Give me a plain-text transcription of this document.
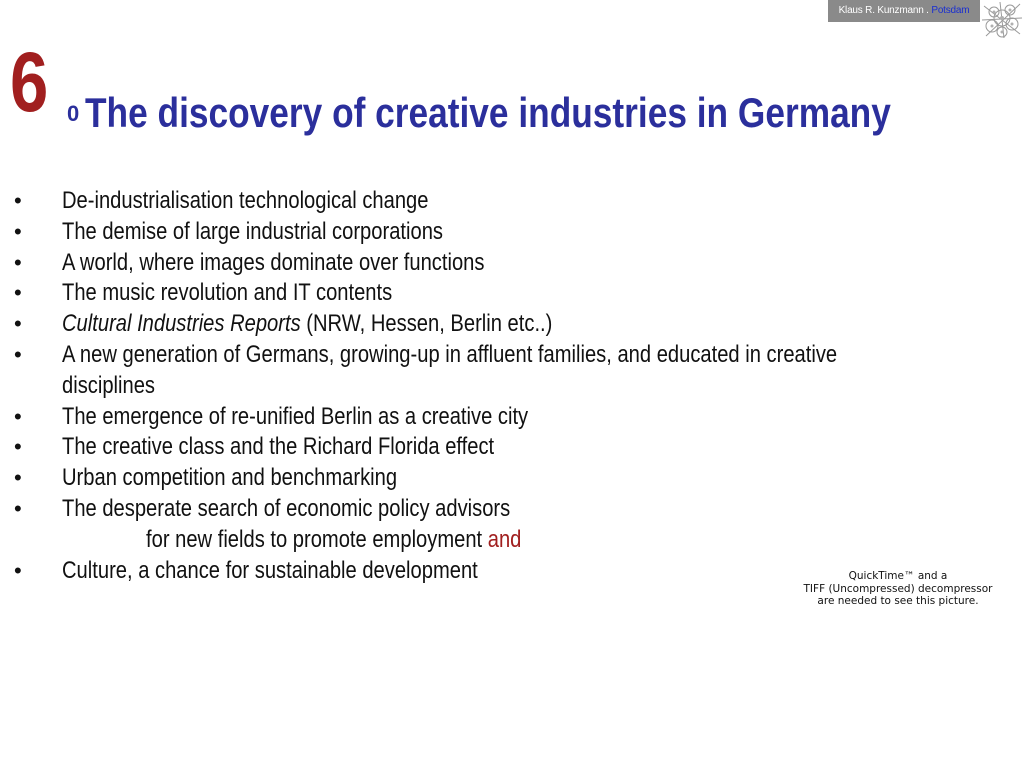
Klaus R. Kunzmann . Potsdam
6 0 The discovery of creative industries in Germany
• De-industrialisation technological change
• The demise of large industrial corporations
• A world, where images dominate over functions
• The music revolution and IT contents
• Cultural Industries Reports (NRW, Hessen, Berlin etc..)
• A new generation of Germans, growing-up in affluent families, and educated in creative
disciplines
• The emergence of re-unified Berlin as a creative city
• The creative class and the Richard Florida effect
• Urban competition and benchmarking
• The desperate search of economic policy advisors
for new fields to promote employment and
• Culture, a chance for sustainable development	QuickTime™ and a
TIFF (Uncompressed) decompressor
are needed to see this picture.
